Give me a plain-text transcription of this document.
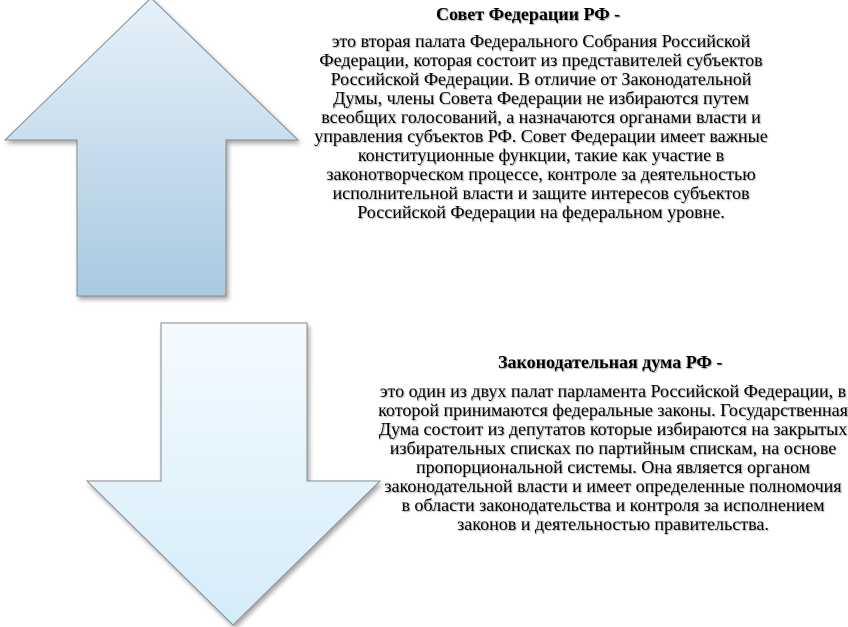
Совет Федерации РФ -

это вторая палата Федерального Собрания Российской Федерации, которая состоит из представителей субъектов Российской Федерации. В отличие от Законодательной Думы, члены Совета Федерации не избираются путем всеобщих голосований, а назначаются органами власти и управления субъектов РФ. Совет Федерации имеет важные конституционные функции, такие как участие в законотворческом процессе, контроле за деятельностью исполнительной власти и защите интересов субъектов Российской Федерации на федеральном уровне.

Законодательная дума РФ -

это один из двух палат парламента Российской Федерации, в которой принимаются федеральные законы. Государственная Дума состоит из депутатов которые избираются на закрытых избирательных списках по партийным спискам, на основе пропорциональной системы. Она является органом законодательной власти и имеет определенные полномочия в области законодательства и контроля за исполнением законов и деятельностью правительства.
